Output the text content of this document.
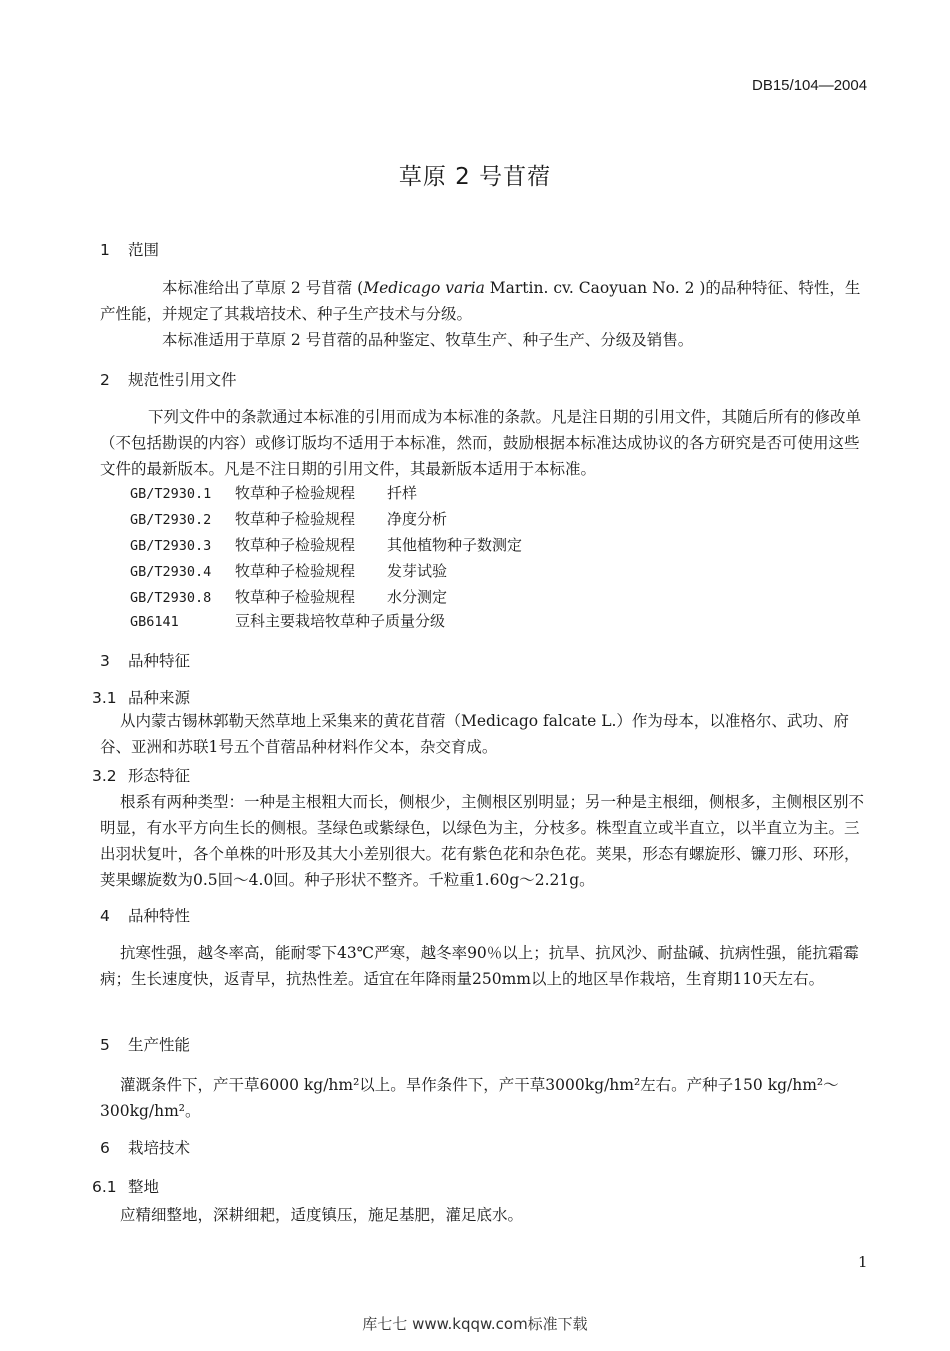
DB15/104—2004
草原 2 号苜蓿
1 范围
本标准给出了草原 2 号苜蓿 (Medicago varia Martin. cv. Caoyuan No. 2 )的品种特征、特性，生产性能，并规定了其栽培技术、种子生产技术与分级。
本标准适用于草原 2 号苜蓿的品种鉴定、牧草生产、种子生产、分级及销售。
2 规范性引用文件
下列文件中的条款通过本标准的引用而成为本标准的条款。凡是注日期的引用文件，其随后所有的修改单（不包括勘误的内容）或修订版均不适用于本标准，然而，鼓励根据本标准达成协议的各方研究是否可使用这些文件的最新版本。凡是不注日期的引用文件，其最新版本适用于本标准。
GB/T2930.1 牧草种子检验规程 扦样
GB/T2930.2 牧草种子检验规程 净度分析
GB/T2930.3 牧草种子检验规程 其他植物种子数测定
GB/T2930.4 牧草种子检验规程 发芽试验
GB/T2930.8 牧草种子检验规程 水分测定
GB6141	豆科主要栽培牧草种子质量分级
3 品种特征
3.1 品种来源
从内蒙古锡林郭勒天然草地上采集来的黄花苜蓿（Medicago falcate L.）作为母本，以准格尔、武功、府谷、亚洲和苏联1号五个苜蓿品种材料作父本，杂交育成。
3.2 形态特征
根系有两种类型：一种是主根粗大而长，侧根少，主侧根区别明显；另一种是主根细，侧根多，主侧根区别不明显，有水平方向生长的侧根。茎绿色或紫绿色，以绿色为主，分枝多。株型直立或半直立，以半直立为主。三出羽状复叶，各个单株的叶形及其大小差别很大。花有紫色花和杂色花。荚果，形态有螺旋形、镰刀形、环形，荚果螺旋数为0.5回～4.0回。种子形状不整齐。千粒重1.60g～2.21g。
4 品种特性
抗寒性强，越冬率高，能耐零下43℃严寒，越冬率90％以上；抗旱、抗风沙、耐盐碱、抗病性强，能抗霜霉病；生长速度快，返青早，抗热性差。适宜在年降雨量250mm以上的地区旱作栽培，生育期110天左右。
5 生产性能
灌溉条件下，产干草6000 kg/hm²以上。旱作条件下，产干草3000kg/hm²左右。产种子150 kg/hm²～300kg/hm²。
6 栽培技术
6.1 整地
应精细整地，深耕细耙，适度镇压，施足基肥，灌足底水。
1
库七七 www.kqqw.com标准下载
